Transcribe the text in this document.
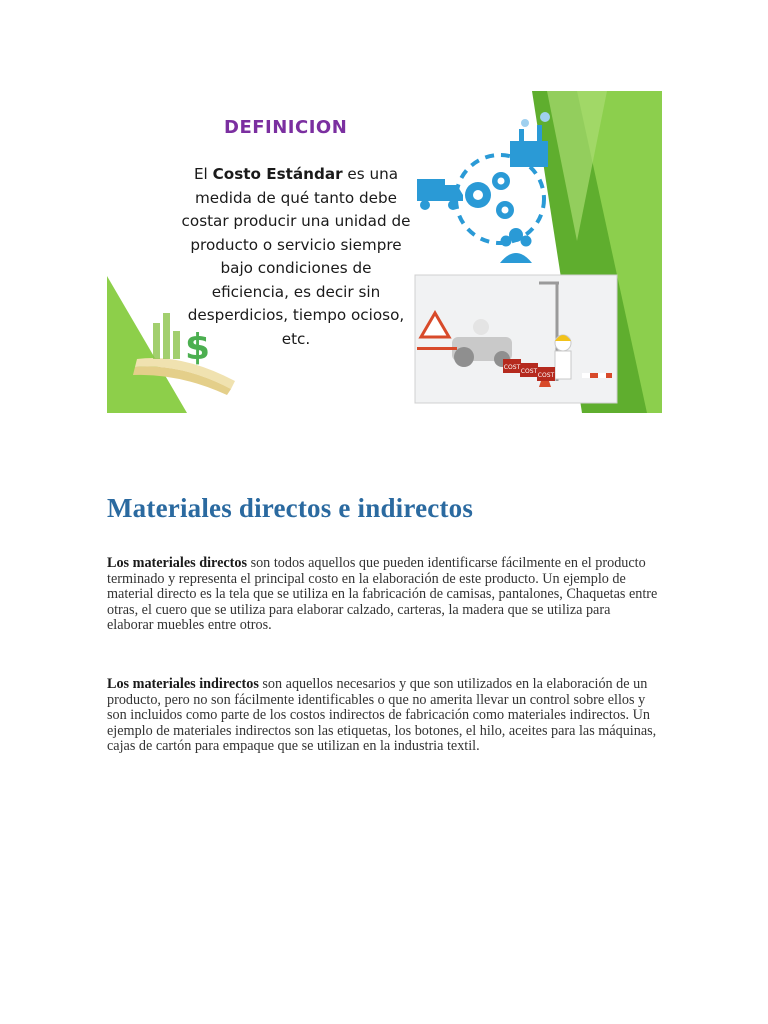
COST
COST
COST
$
DEFINICION
El Costo Estándar es una medida de qué tanto debe costar producir una unidad de producto o servicio siempre bajo condiciones de eficiencia, es decir sin desperdicios, tiempo ocioso, etc.
Materiales directos e indirectos

Los materiales directos son todos aquellos que pueden identificarse fácilmente en el producto terminado y representa el principal costo en la elaboración de este producto. Un ejemplo de material directo es la tela que se utiliza en la fabricación de camisas, pantalones, Chaquetas entre otras, el cuero que se utiliza para elaborar calzado, carteras, la madera que se utiliza para elaborar muebles entre otros.

Los materiales indirectos son aquellos necesarios y que son utilizados en la elaboración de un producto, pero no son fácilmente identificables o que no amerita llevar un control sobre ellos y son incluidos como parte de los costos indirectos de fabricación como materiales indirectos. Un ejemplo de materiales indirectos son las etiquetas, los botones, el hilo, aceites para las máquinas, cajas de cartón para empaque que se utilizan en la industria textil.
